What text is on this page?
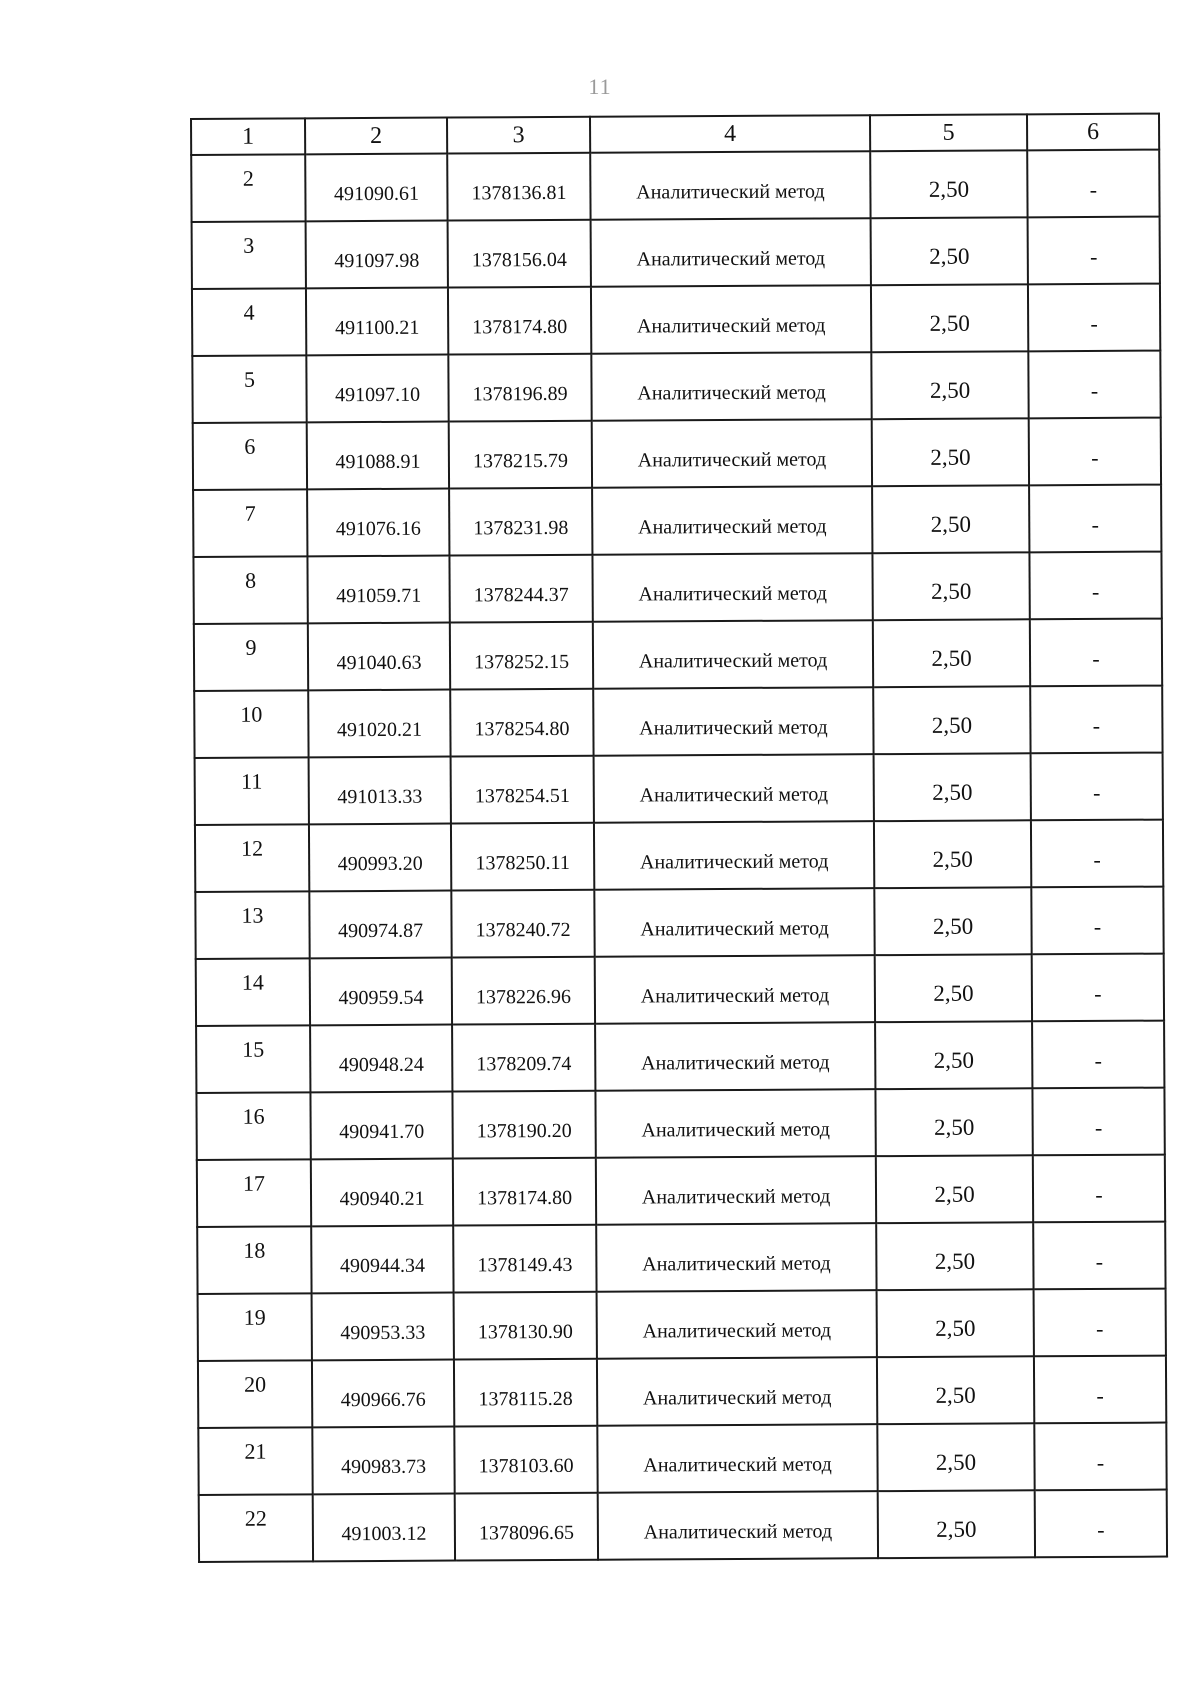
11
1	2	3	4	5	6
2	491090.61	1378136.81	Аналитический метод	2,50	-
3	491097.98	1378156.04	Аналитический метод	2,50	-
4	491100.21	1378174.80	Аналитический метод	2,50	-
5	491097.10	1378196.89	Аналитический метод	2,50	-
6	491088.91	1378215.79	Аналитический метод	2,50	-
7	491076.16	1378231.98	Аналитический метод	2,50	-
8	491059.71	1378244.37	Аналитический метод	2,50	-
9	491040.63	1378252.15	Аналитический метод	2,50	-
10	491020.21	1378254.80	Аналитический метод	2,50	-
11	491013.33	1378254.51	Аналитический метод	2,50	-
12	490993.20	1378250.11	Аналитический метод	2,50	-
13	490974.87	1378240.72	Аналитический метод	2,50	-
14	490959.54	1378226.96	Аналитический метод	2,50	-
15	490948.24	1378209.74	Аналитический метод	2,50	-
16	490941.70	1378190.20	Аналитический метод	2,50	-
17	490940.21	1378174.80	Аналитический метод	2,50	-
18	490944.34	1378149.43	Аналитический метод	2,50	-
19	490953.33	1378130.90	Аналитический метод	2,50	-
20	490966.76	1378115.28	Аналитический метод	2,50	-
21	490983.73	1378103.60	Аналитический метод	2,50	-
22	491003.12	1378096.65	Аналитический метод	2,50	-
